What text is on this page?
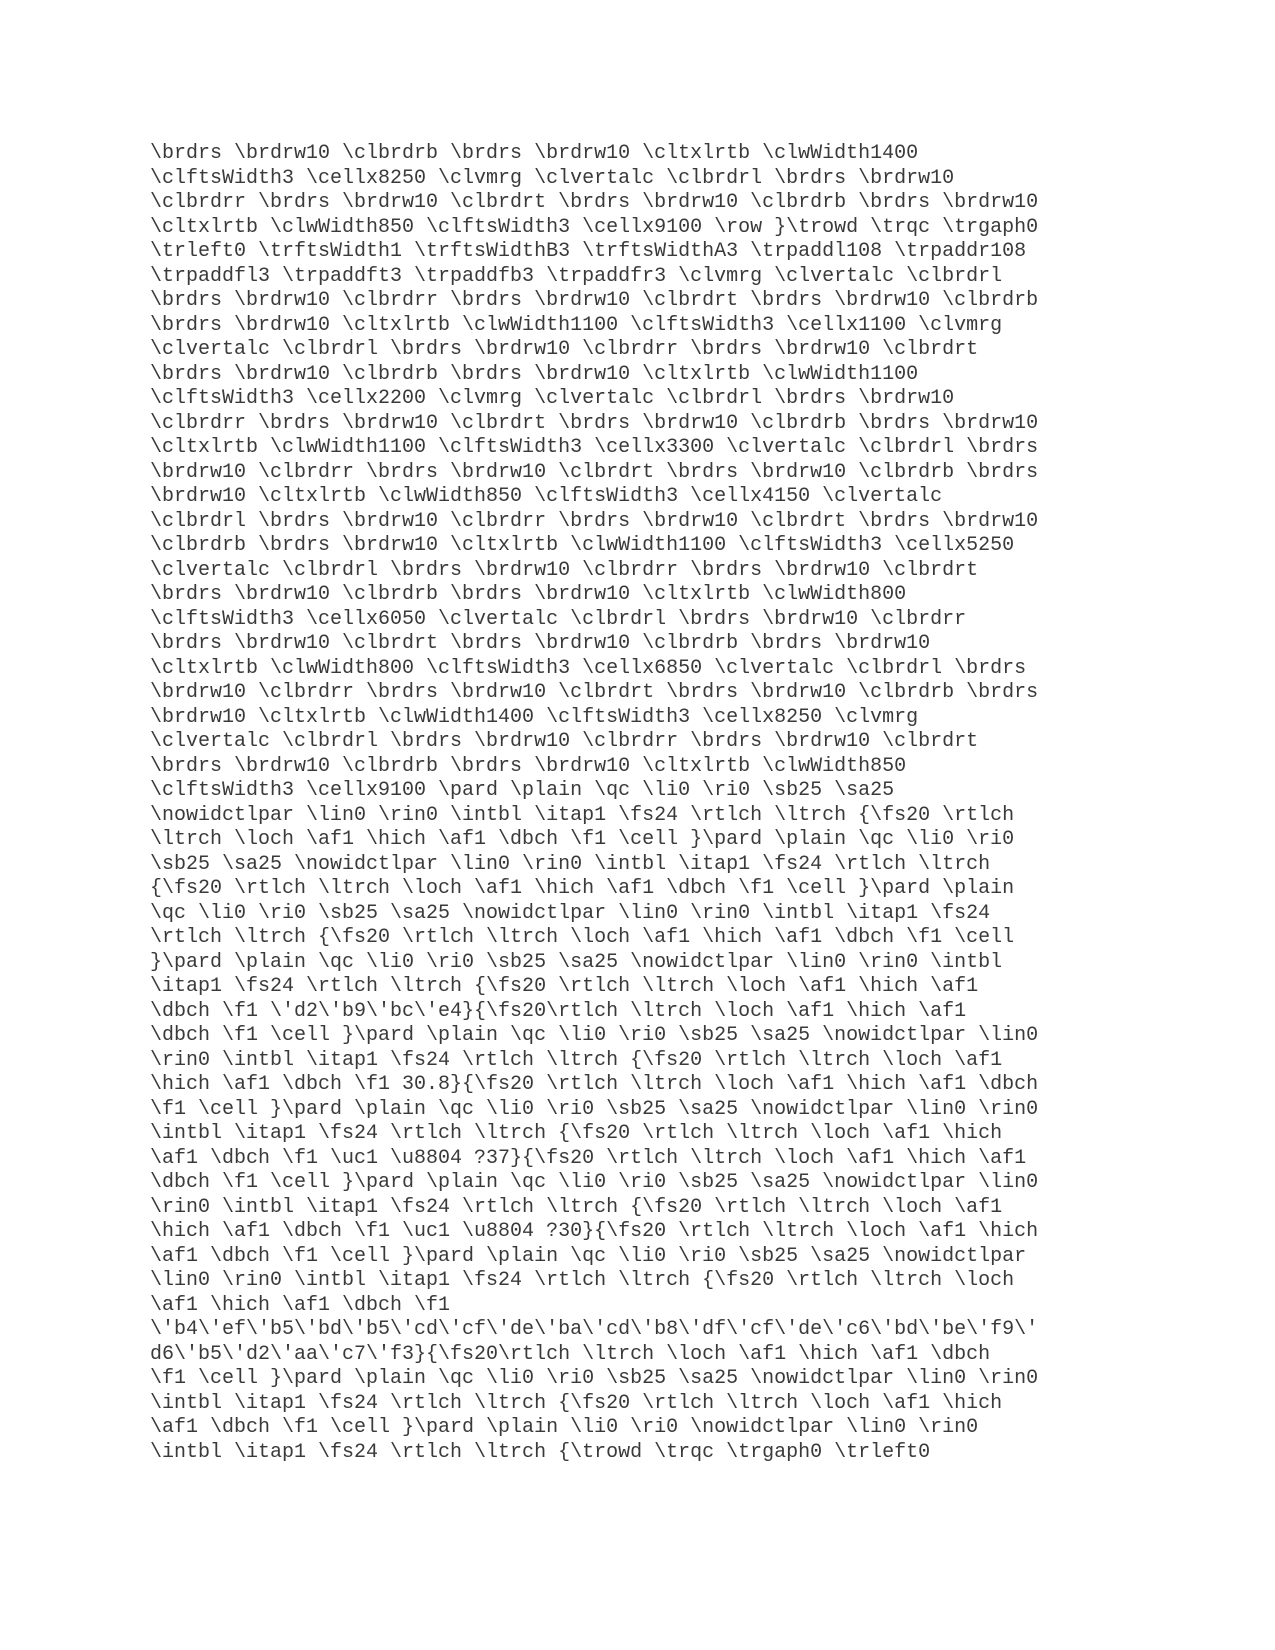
\brdrs \brdrw10 \clbrdrb \brdrs \brdrw10 \cltxlrtb \clwWidth1400
\clftsWidth3 \cellx8250 \clvmrg \clvertalc \clbrdrl \brdrs \brdrw10
\clbrdrr \brdrs \brdrw10 \clbrdrt \brdrs \brdrw10 \clbrdrb \brdrs \brdrw10
\cltxlrtb \clwWidth850 \clftsWidth3 \cellx9100 \row }\trowd \trqc \trgaph0
\trleft0 \trftsWidth1 \trftsWidthB3 \trftsWidthA3 \trpaddl108 \trpaddr108
\trpaddfl3 \trpaddft3 \trpaddfb3 \trpaddfr3 \clvmrg \clvertalc \clbrdrl
\brdrs \brdrw10 \clbrdrr \brdrs \brdrw10 \clbrdrt \brdrs \brdrw10 \clbrdrb
\brdrs \brdrw10 \cltxlrtb \clwWidth1100 \clftsWidth3 \cellx1100 \clvmrg
\clvertalc \clbrdrl \brdrs \brdrw10 \clbrdrr \brdrs \brdrw10 \clbrdrt
\brdrs \brdrw10 \clbrdrb \brdrs \brdrw10 \cltxlrtb \clwWidth1100
\clftsWidth3 \cellx2200 \clvmrg \clvertalc \clbrdrl \brdrs \brdrw10
\clbrdrr \brdrs \brdrw10 \clbrdrt \brdrs \brdrw10 \clbrdrb \brdrs \brdrw10
\cltxlrtb \clwWidth1100 \clftsWidth3 \cellx3300 \clvertalc \clbrdrl \brdrs
\brdrw10 \clbrdrr \brdrs \brdrw10 \clbrdrt \brdrs \brdrw10 \clbrdrb \brdrs
\brdrw10 \cltxlrtb \clwWidth850 \clftsWidth3 \cellx4150 \clvertalc
\clbrdrl \brdrs \brdrw10 \clbrdrr \brdrs \brdrw10 \clbrdrt \brdrs \brdrw10
\clbrdrb \brdrs \brdrw10 \cltxlrtb \clwWidth1100 \clftsWidth3 \cellx5250
\clvertalc \clbrdrl \brdrs \brdrw10 \clbrdrr \brdrs \brdrw10 \clbrdrt
\brdrs \brdrw10 \clbrdrb \brdrs \brdrw10 \cltxlrtb \clwWidth800
\clftsWidth3 \cellx6050 \clvertalc \clbrdrl \brdrs \brdrw10 \clbrdrr
\brdrs \brdrw10 \clbrdrt \brdrs \brdrw10 \clbrdrb \brdrs \brdrw10
\cltxlrtb \clwWidth800 \clftsWidth3 \cellx6850 \clvertalc \clbrdrl \brdrs
\brdrw10 \clbrdrr \brdrs \brdrw10 \clbrdrt \brdrs \brdrw10 \clbrdrb \brdrs
\brdrw10 \cltxlrtb \clwWidth1400 \clftsWidth3 \cellx8250 \clvmrg
\clvertalc \clbrdrl \brdrs \brdrw10 \clbrdrr \brdrs \brdrw10 \clbrdrt
\brdrs \brdrw10 \clbrdrb \brdrs \brdrw10 \cltxlrtb \clwWidth850
\clftsWidth3 \cellx9100 \pard \plain \qc \li0 \ri0 \sb25 \sa25
\nowidctlpar \lin0 \rin0 \intbl \itap1 \fs24 \rtlch \ltrch {\fs20 \rtlch
\ltrch \loch \af1 \hich \af1 \dbch \f1 \cell }\pard \plain \qc \li0 \ri0
\sb25 \sa25 \nowidctlpar \lin0 \rin0 \intbl \itap1 \fs24 \rtlch \ltrch
{\fs20 \rtlch \ltrch \loch \af1 \hich \af1 \dbch \f1 \cell }\pard \plain
\qc \li0 \ri0 \sb25 \sa25 \nowidctlpar \lin0 \rin0 \intbl \itap1 \fs24
\rtlch \ltrch {\fs20 \rtlch \ltrch \loch \af1 \hich \af1 \dbch \f1 \cell
}\pard \plain \qc \li0 \ri0 \sb25 \sa25 \nowidctlpar \lin0 \rin0 \intbl
\itap1 \fs24 \rtlch \ltrch {\fs20 \rtlch \ltrch \loch \af1 \hich \af1
\dbch \f1 \'d2\'b9\'bc\'e4}{\fs20\rtlch \ltrch \loch \af1 \hich \af1
\dbch \f1 \cell }\pard \plain \qc \li0 \ri0 \sb25 \sa25 \nowidctlpar \lin0
\rin0 \intbl \itap1 \fs24 \rtlch \ltrch {\fs20 \rtlch \ltrch \loch \af1
\hich \af1 \dbch \f1 30.8}{\fs20 \rtlch \ltrch \loch \af1 \hich \af1 \dbch
\f1 \cell }\pard \plain \qc \li0 \ri0 \sb25 \sa25 \nowidctlpar \lin0 \rin0
\intbl \itap1 \fs24 \rtlch \ltrch {\fs20 \rtlch \ltrch \loch \af1 \hich
\af1 \dbch \f1 \uc1 \u8804 ?37}{\fs20 \rtlch \ltrch \loch \af1 \hich \af1
\dbch \f1 \cell }\pard \plain \qc \li0 \ri0 \sb25 \sa25 \nowidctlpar \lin0
\rin0 \intbl \itap1 \fs24 \rtlch \ltrch {\fs20 \rtlch \ltrch \loch \af1
\hich \af1 \dbch \f1 \uc1 \u8804 ?30}{\fs20 \rtlch \ltrch \loch \af1 \hich
\af1 \dbch \f1 \cell }\pard \plain \qc \li0 \ri0 \sb25 \sa25 \nowidctlpar
\lin0 \rin0 \intbl \itap1 \fs24 \rtlch \ltrch {\fs20 \rtlch \ltrch \loch
\af1 \hich \af1 \dbch \f1
\'b4\'ef\'b5\'bd\'b5\'cd\'cf\'de\'ba\'cd\'b8\'df\'cf\'de\'c6\'bd\'be\'f9\'
d6\'b5\'d2\'aa\'c7\'f3}{\fs20\rtlch \ltrch \loch \af1 \hich \af1 \dbch
\f1 \cell }\pard \plain \qc \li0 \ri0 \sb25 \sa25 \nowidctlpar \lin0 \rin0
\intbl \itap1 \fs24 \rtlch \ltrch {\fs20 \rtlch \ltrch \loch \af1 \hich
\af1 \dbch \f1 \cell }\pard \plain \li0 \ri0 \nowidctlpar \lin0 \rin0
\intbl \itap1 \fs24 \rtlch \ltrch {\trowd \trqc \trgaph0 \trleft0
